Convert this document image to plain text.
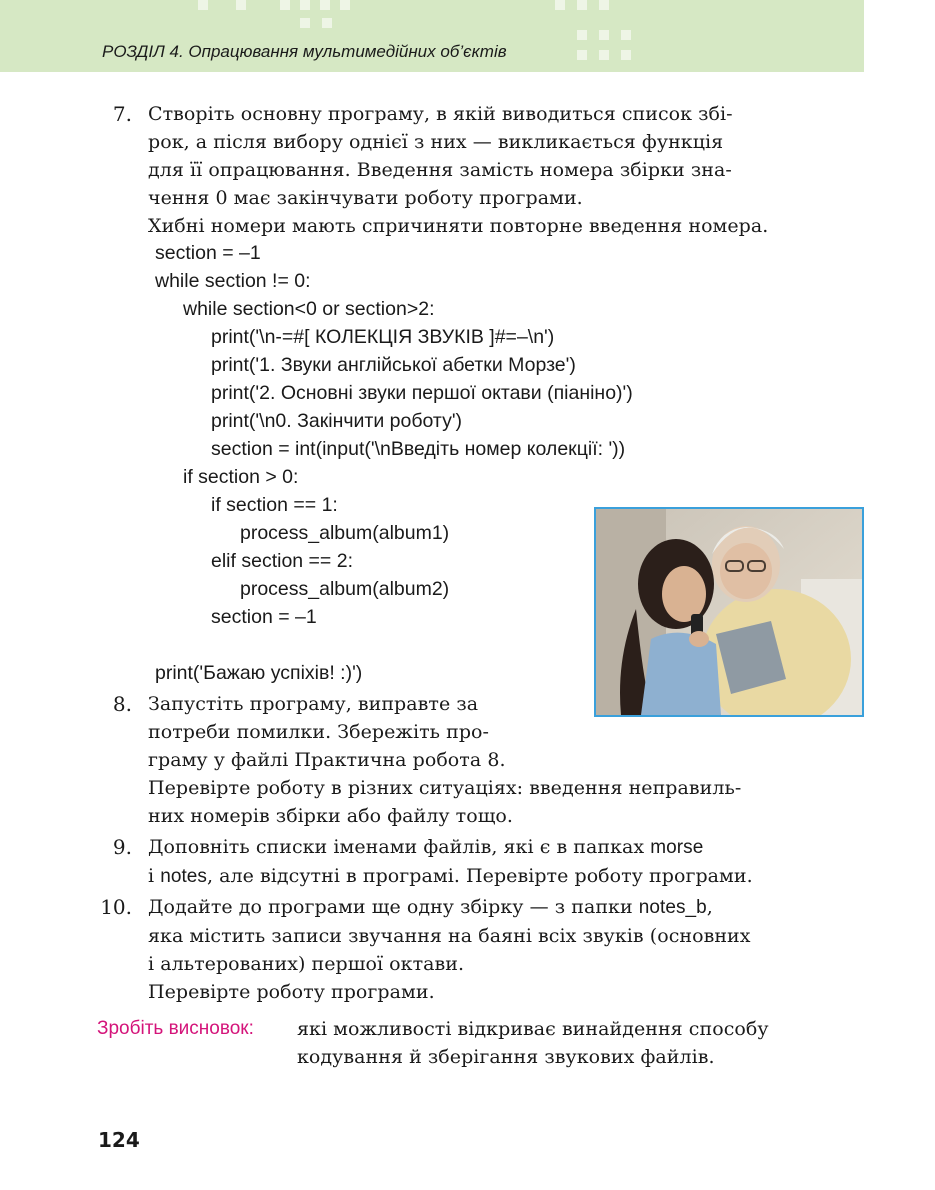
РОЗДІЛ 4. Опрацювання мультимедійних об’єктів
7. Створіть основну програму, в якій виводиться список збі-
рок, а після вибору однієї з них — викликається функція
для її опрацювання. Введення замість номера збірки зна-
чення 0 має закінчувати роботу програми.
Хибні номери мають спричиняти повторне введення номера.
section = –1
while section != 0:
while section<0 or section>2:
print('\n-=#[ КОЛЕКЦІЯ ЗВУКІВ ]#=–\n')
print('1. Звуки англійської абетки Морзе')
print('2. Основні звуки першої октави (піаніно)')
print('\n0. Закінчити роботу')
section = int(input('\nВведіть номер колекції: '))
if section > 0:
if section == 1:
process_album(album1)
elif section == 2:
process_album(album2)
section = –1
print('Бажаю успіхів! :)')
8. Запустіть програму, виправте за
потреби помилки. Збережіть про-
граму у файлі Практична робота 8.
Перевірте роботу в різних ситуаціях: введення неправиль-
них номерів збірки або файлу тощо.
9. Доповніть списки іменами файлів, які є в папках morse
i notes, але відсутні в програмі. Перевірте роботу програми.
10. Додайте до програми ще одну збірку — з папки notes_b,
яка містить записи звучання на баяні всіх звуків (основних
і альтерованих) першої октави.
Перевірте роботу програми.
Зробіть висновок: які можливості відкриває винайдення способу
кодування й зберігання звукових файлів.
124
